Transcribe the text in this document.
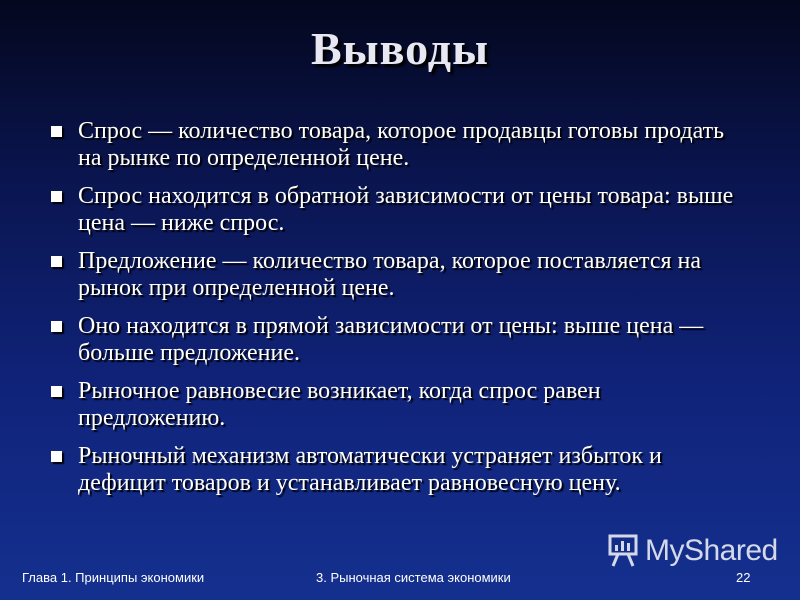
Выводы
Спрос — количество товара, которое продавцы готовы продать на рынке по определенной цене.
Спрос находится в обратной зависимости от цены товара: выше цена — ниже спрос.
Предложение — количество товара, которое поставляется на рынок при определенной цене.
Оно находится в прямой зависимости от цены: выше цена — больше предложение.
Рыночное равновесие возникает, когда спрос равен предложению.
Рыночный механизм автоматически устраняет избыток и дефицит товаров и устанавливает равновесную цену.
MyShared
Глава 1. Принципы экономики	3. Рыночная система экономики	22
